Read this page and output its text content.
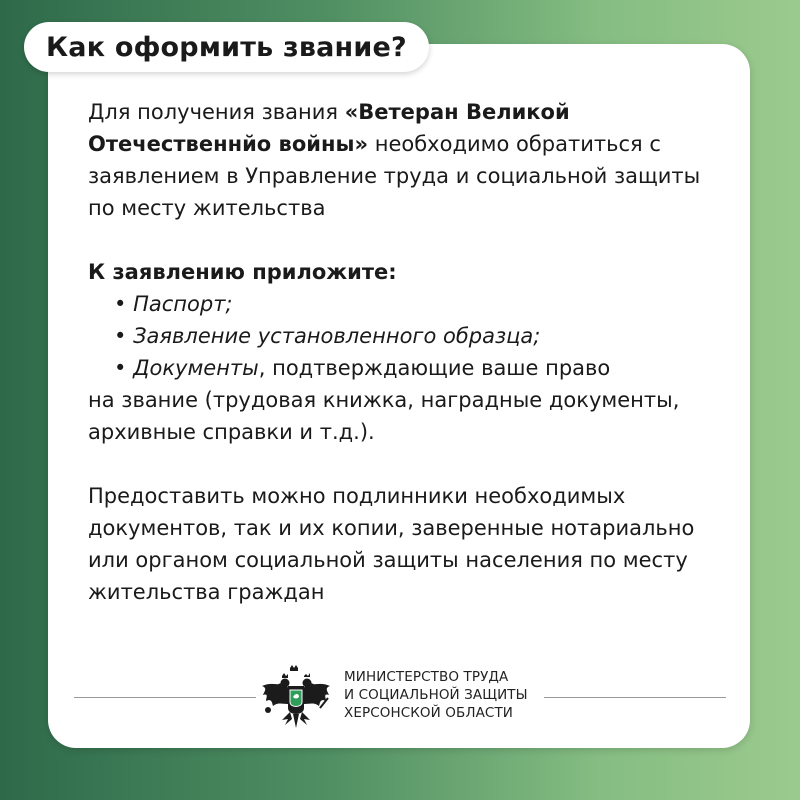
Как оформить звание?

Для получения звания «Ветеран Великой Отечественнйо войны» необходимо обратиться с заявлением в Управление труда и социальной защиты

по месту жительства

К заявлению приложите:

• Паспорт;

• Заявление установленного образца;

• Документы, подтверждающие ваше право

на звание (трудовая книжка, наградные документы, архивные справки и т.д.).

Предоставить можно подлинники необходимых документов, так и их копии, заверенные нотариально или органом социальной защиты населения по месту жительства граждан

МИНИСТЕРСТВО ТРУДА
И СОЦИАЛЬНОЙ ЗАЩИТЫ
ХЕРСОНСКОЙ ОБЛАСТИ
